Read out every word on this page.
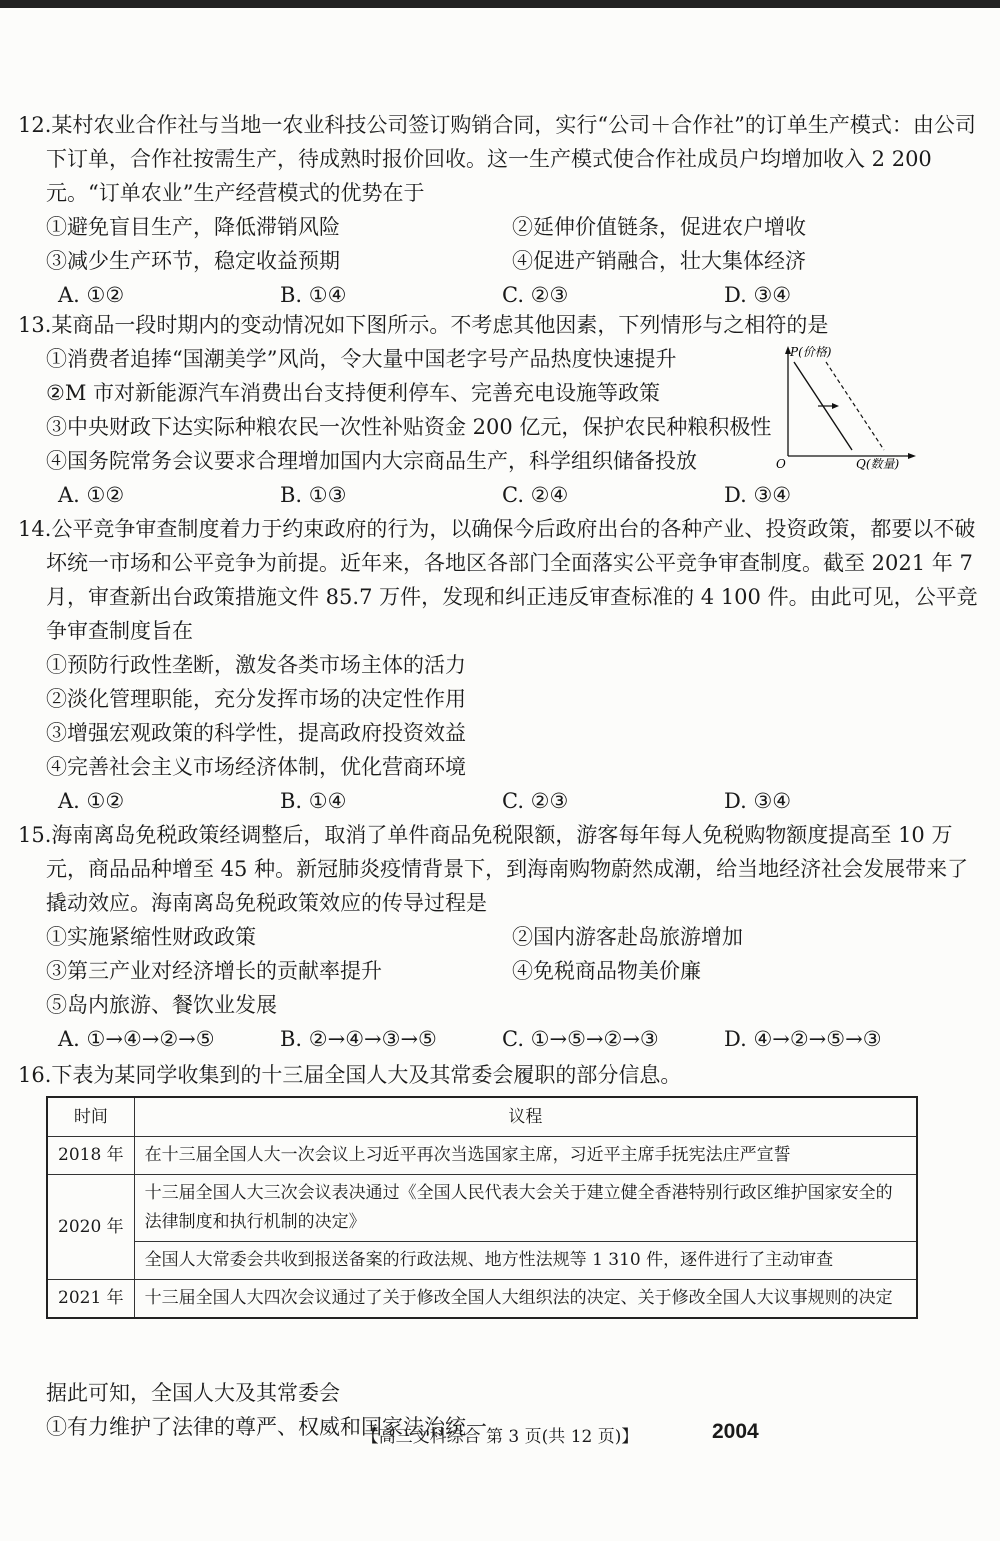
12.某村农业合作社与当地一农业科技公司签订购销合同，实行“公司＋合作社”的订单生产模式：由公司下订单，合作社按需生产，待成熟时报价回收。这一生产模式使合作社成员户均增加收入 2 200 元。“订单农业”生产经营模式的优势在于

①避免盲目生产，降低滞销风险	②延伸价值链条，促进农户增收
③减少生产环节，稳定收益预期	④促进产销融合，壮大集体经济
A. ①②	B. ①④	C. ②③	D. ③④

13.某商品一段时期内的变动情况如下图所示。不考虑其他因素，下列情形与之相符的是

①消费者追捧“国潮美学”风尚，令大量中国老字号产品热度快速提升
②M 市对新能源汽车消费出台支持便利停车、完善充电设施等政策
③中央财政下达实际种粮农民一次性补贴资金 200 亿元，保护农民种粮积极性
④国务院常务会议要求合理增加国内大宗商品生产，科学组织储备投放
A. ①②	B. ①③	C. ②④	D. ③④
P(价格)
O	Q(数量)

14.公平竞争审查制度着力于约束政府的行为，以确保今后政府出台的各种产业、投资政策，都要以不破坏统一市场和公平竞争为前提。近年来，各地区各部门全面落实公平竞争审查制度。截至 2021 年 7 月，审查新出台政策措施文件 85.7 万件，发现和纠正违反审查标准的 4 100 件。由此可见，公平竞争审查制度旨在

①预防行政性垄断，激发各类市场主体的活力
②淡化管理职能，充分发挥市场的决定性作用
③增强宏观政策的科学性，提高政府投资效益
④完善社会主义市场经济体制，优化营商环境
A. ①②	B. ①④	C. ②③	D. ③④

15.海南离岛免税政策经调整后，取消了单件商品免税限额，游客每年每人免税购物额度提高至 10 万元，商品品种增至 45 种。新冠肺炎疫情背景下，到海南购物蔚然成潮，给当地经济社会发展带来了撬动效应。海南离岛免税政策效应的传导过程是

①实施紧缩性财政政策	②国内游客赴岛旅游增加
③第三产业对经济增长的贡献率提升	④免税商品物美价廉
⑤岛内旅游、餐饮业发展
A. ①→④→②→⑤	B. ②→④→③→⑤	C. ①→⑤→②→③	D. ④→②→⑤→③

16.下表为某同学收集到的十三届全国人大及其常委会履职的部分信息。

时间	议程
2018 年	在十三届全国人大一次会议上习近平再次当选国家主席，习近平主席手抚宪法庄严宣誓
2020 年	十三届全国人大三次会议表决通过《全国人民代表大会关于建立健全香港特别行政区维护国家安全的法律制度和执行机制的决定》
	全国人大常委会共收到报送备案的行政法规、地方性法规等 1 310 件，逐件进行了主动审查
2021 年	十三届全国人大四次会议通过了关于修改全国人大组织法的决定、关于修改全国人大议事规则的决定
据此可知，全国人大及其常委会
①有力维护了法律的尊严、权威和国家法治统一
【高三文科综合 第 3 页(共 12 页)】	2004
